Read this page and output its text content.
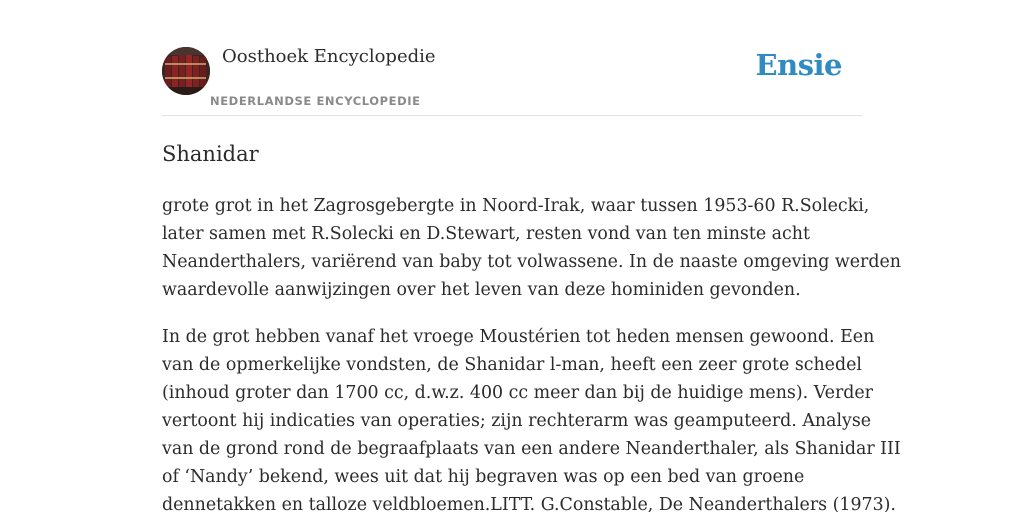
Oosthoek Encyclopedie
NEDERLANDSE ENCYCLOPEDIE
Ensie
Shanidar

grote grot in het Zagrosgebergte in Noord-Irak, waar tussen 1953-60 R.Solecki,
later samen met R.Solecki en D.Stewart, resten vond van ten minste acht
Neanderthalers, variërend van baby tot volwassene. In de naaste omgeving werden
waardevolle aanwijzingen over het leven van deze hominiden gevonden.

In de grot hebben vanaf het vroege Moustérien tot heden mensen gewoond. Een
van de opmerkelijke vondsten, de Shanidar l-man, heeft een zeer grote schedel
(inhoud groter dan 1700 cc, d.w.z. 400 cc meer dan bij de huidige mens). Verder
vertoont hij indicaties van operaties; zijn rechterarm was geamputeerd. Analyse
van de grond rond de begraafplaats van een andere Neanderthaler, als Shanidar III
of ‘Nandy’ bekend, wees uit dat hij begraven was op een bed van groene
dennetakken en talloze veldbloemen.LITT. G.Constable, De Neanderthalers (1973).
